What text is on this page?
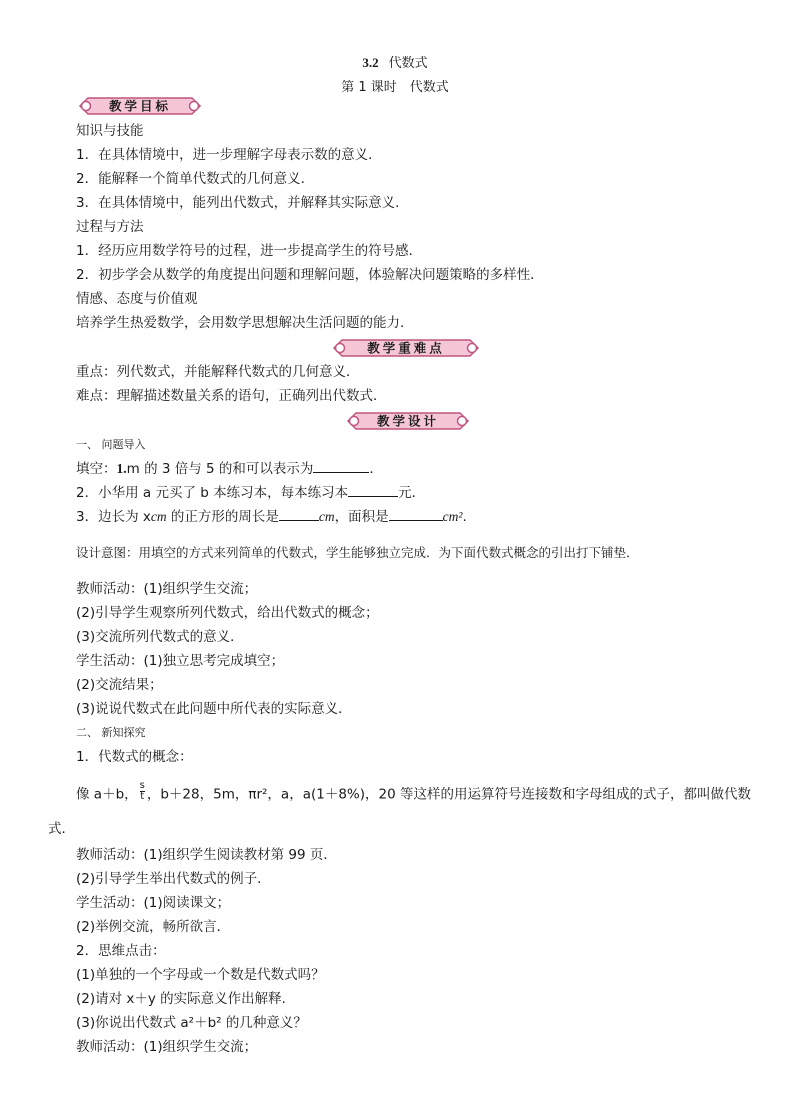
3.2 代数式
第 1 课时　代数式
教学目标
知识与技能
1．在具体情境中，进一步理解字母表示数的意义．
2．能解释一个简单代数式的几何意义．
3．在具体情境中，能列出代数式，并解释其实际意义．
过程与方法
1．经历应用数学符号的过程，进一步提高学生的符号感．
2．初步学会从数学的角度提出问题和理解问题，体验解决问题策略的多样性．
情感、态度与价值观
培养学生热爱数学，会用数学思想解决生活问题的能力．
教学重难点
重点：列代数式，并能解释代数式的几何意义．
难点：理解描述数量关系的语句，正确列出代数式．
教学设计
一、 问题导入
填空：1.m 的 3 倍与 5 的和可以表示为	．
2．小华用 a 元买了 b 本练习本，每本练习本	元．
3．边长为 xcm 的正方形的周长是	cm，面积是	cm².
设计意图：用填空的方式来列简单的代数式，学生能够独立完成．为下面代数式概念的引出打下铺垫．
教师活动：(1)组织学生交流；
(2)引导学生观察所列代数式，给出代数式的概念；
(3)交流所列代数式的意义．
学生活动：(1)独立思考完成填空；
(2)交流结果；
(3)说说代数式在此问题中所代表的实际意义．
二、 新知探究
1．代数式的概念：
像 a＋b， $\frac{s}{t}$ ，b＋28，5m，πr²，a，a(1＋8%)，20 等这样的用运算符号连接数和字母组成的式子，都叫做代数
式．
教师活动：(1)组织学生阅读教材第 99 页．
(2)引导学生举出代数式的例子．
学生活动：(1)阅读课文；
(2)举例交流，畅所欲言．
2．思维点击：
(1)单独的一个字母或一个数是代数式吗？
(2)请对 x＋y 的实际意义作出解释．
(3)你说出代数式 a²＋b² 的几种意义？
教师活动：(1)组织学生交流；
